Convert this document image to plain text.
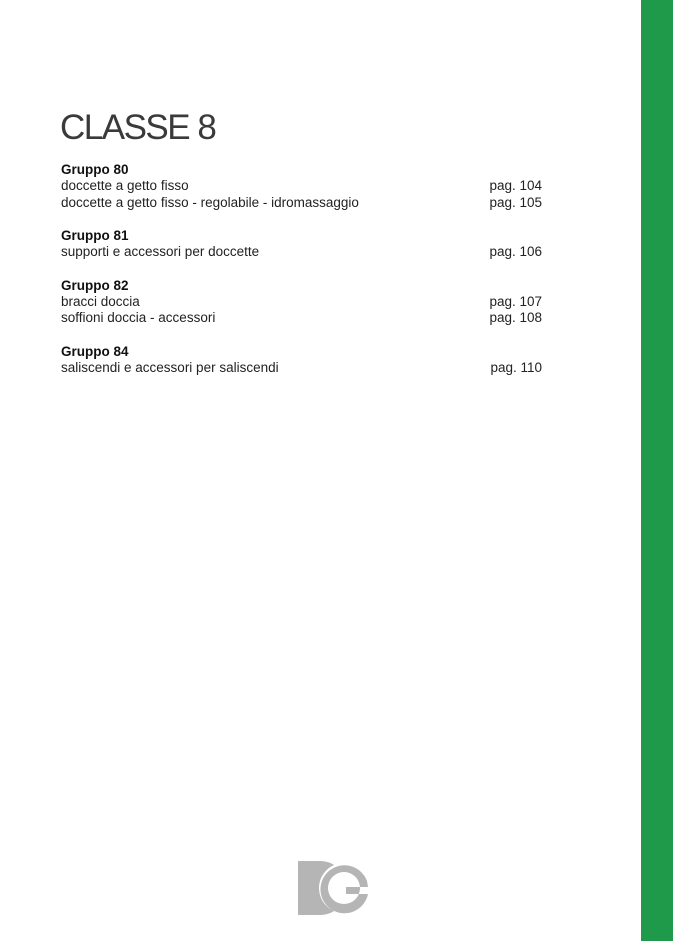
CLASSE 8

Gruppo 80

doccette a getto fisso	pag. 104
doccette a getto fisso - regolabile - idromassaggio	pag. 105

Gruppo 81

supporti e accessori per doccette	pag. 106

Gruppo 82

bracci doccia	pag. 107
soffioni doccia - accessori	pag. 108

Gruppo 84

saliscendi e accessori per saliscendi	pag. 110
